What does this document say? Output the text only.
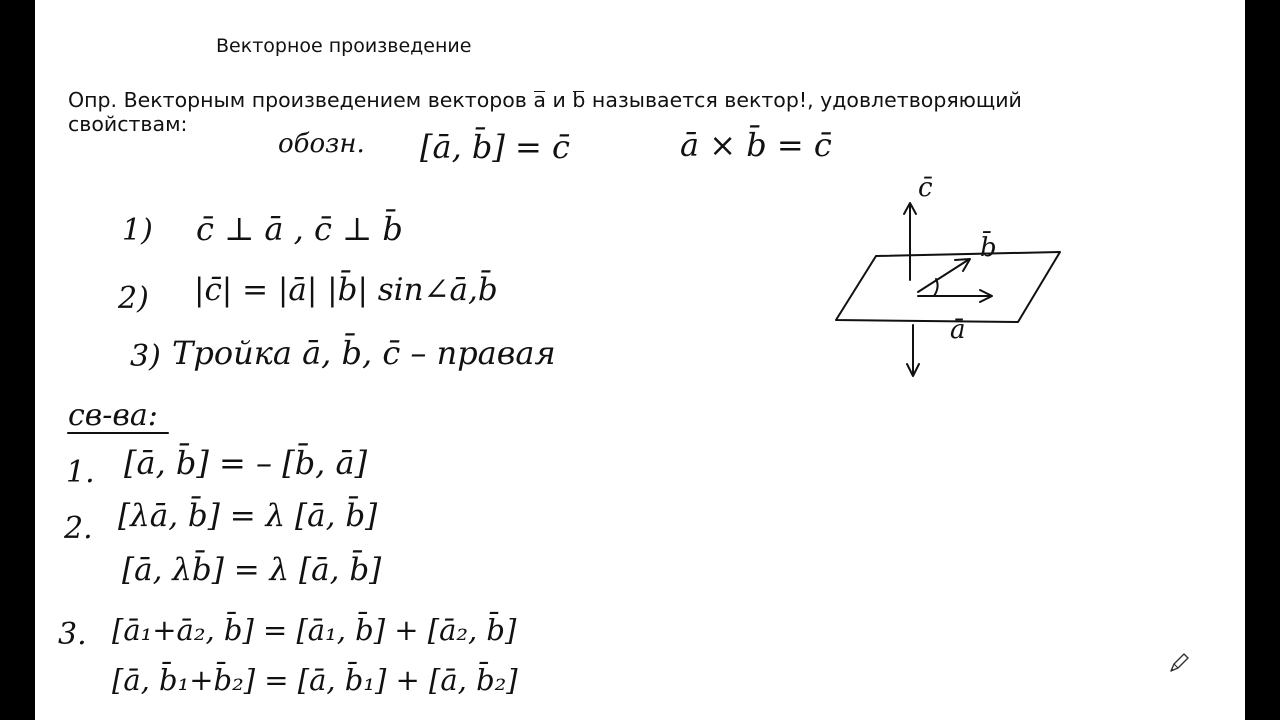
Векторное произведение
Опр. Векторным произведением векторов a и b называется вектор!, удовлетворяющий свойствам:
обозн. [ā, b̄] = c̄	ā × b̄ = c̄
1) c̄ ⊥ ā , c̄ ⊥ b̄
2) |c̄| = |ā| |b̄| sin∠ā,b̄
3) Тройка ā, b̄, c̄ – правая
св-ва:
1. [ā, b̄] = – [b̄, ā]
2. [λā, b̄] = λ [ā, b̄]
[ā, λb̄] = λ [ā, b̄]
3. [ā₁+ā₂, b̄] = [ā₁, b̄] + [ā₂, b̄]
[ā, b̄₁+b̄₂] = [ā, b̄₁] + [ā, b̄₂]
c̄
b̄
ā
